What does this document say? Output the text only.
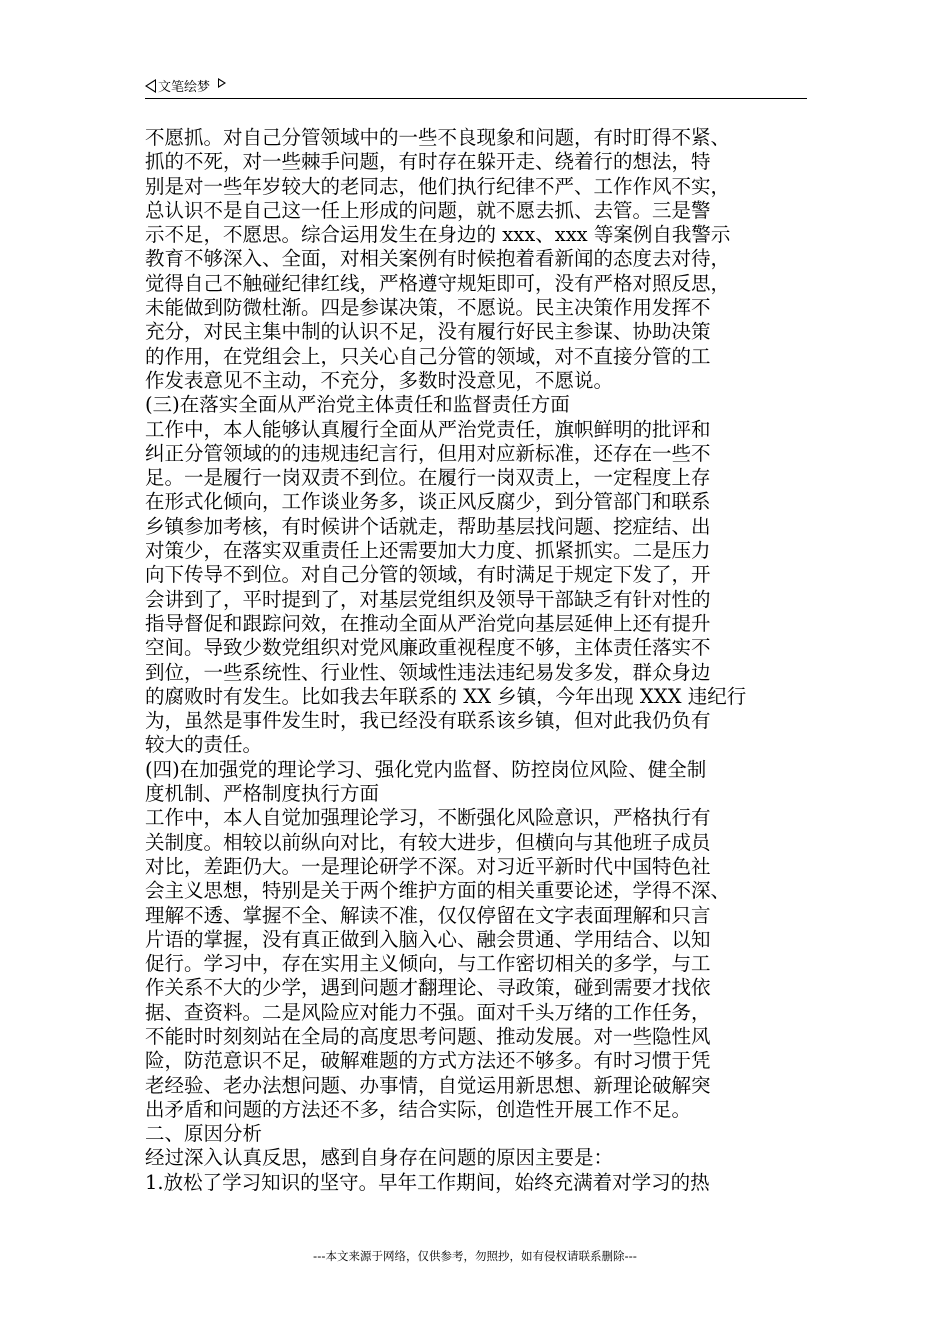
文笔绘梦
不愿抓。对自己分管领域中的一些不良现象和问题，有时盯得不紧、
抓的不死，对一些棘手问题，有时存在躲开走、绕着行的想法，特
别是对一些年岁较大的老同志，他们执行纪律不严、工作作风不实，
总认识不是自己这一任上形成的问题，就不愿去抓、去管。三是警
示不足，不愿思。综合运用发生在身边的 xxx、xxx 等案例自我警示
教育不够深入、全面，对相关案例有时候抱着看新闻的态度去对待，
觉得自己不触碰纪律红线，严格遵守规矩即可，没有严格对照反思，
未能做到防微杜渐。四是参谋决策，不愿说。民主决策作用发挥不
充分，对民主集中制的认识不足，没有履行好民主参谋、协助决策
的作用，在党组会上，只关心自己分管的领域，对不直接分管的工
作发表意见不主动，不充分，多数时没意见，不愿说。
(三)在落实全面从严治党主体责任和监督责任方面
工作中，本人能够认真履行全面从严治党责任，旗帜鲜明的批评和
纠正分管领域的的违规违纪言行，但用对应新标准，还存在一些不
足。一是履行一岗双责不到位。在履行一岗双责上，一定程度上存
在形式化倾向，工作谈业务多，谈正风反腐少，到分管部门和联系
乡镇参加考核，有时候讲个话就走，帮助基层找问题、挖症结、出
对策少，在落实双重责任上还需要加大力度、抓紧抓实。二是压力
向下传导不到位。对自己分管的领域，有时满足于规定下发了，开
会讲到了，平时提到了，对基层党组织及领导干部缺乏有针对性的
指导督促和跟踪问效，在推动全面从严治党向基层延伸上还有提升
空间。导致少数党组织对党风廉政重视程度不够，主体责任落实不
到位，一些系统性、行业性、领域性违法违纪易发多发，群众身边
的腐败时有发生。比如我去年联系的 XX 乡镇，今年出现 XXX 违纪行
为，虽然是事件发生时，我已经没有联系该乡镇，但对此我仍负有
较大的责任。
(四)在加强党的理论学习、强化党内监督、防控岗位风险、健全制
度机制、严格制度执行方面
工作中，本人自觉加强理论学习，不断强化风险意识，严格执行有
关制度。相较以前纵向对比，有较大进步，但横向与其他班子成员
对比，差距仍大。一是理论研学不深。对习近平新时代中国特色社
会主义思想，特别是关于两个维护方面的相关重要论述，学得不深、
理解不透、掌握不全、解读不准，仅仅停留在文字表面理解和只言
片语的掌握，没有真正做到入脑入心、融会贯通、学用结合、以知
促行。学习中，存在实用主义倾向，与工作密切相关的多学，与工
作关系不大的少学，遇到问题才翻理论、寻政策，碰到需要才找依
据、查资料。二是风险应对能力不强。面对千头万绪的工作任务，
不能时时刻刻站在全局的高度思考问题、推动发展。对一些隐性风
险，防范意识不足，破解难题的方式方法还不够多。有时习惯于凭
老经验、老办法想问题、办事情，自觉运用新思想、新理论破解突
出矛盾和问题的方法还不多，结合实际，创造性开展工作不足。
二、原因分析
经过深入认真反思，感到自身存在问题的原因主要是：
1.放松了学习知识的坚守。早年工作期间，始终充满着对学习的热
---本文来源于网络，仅供参考，勿照抄，如有侵权请联系删除---
